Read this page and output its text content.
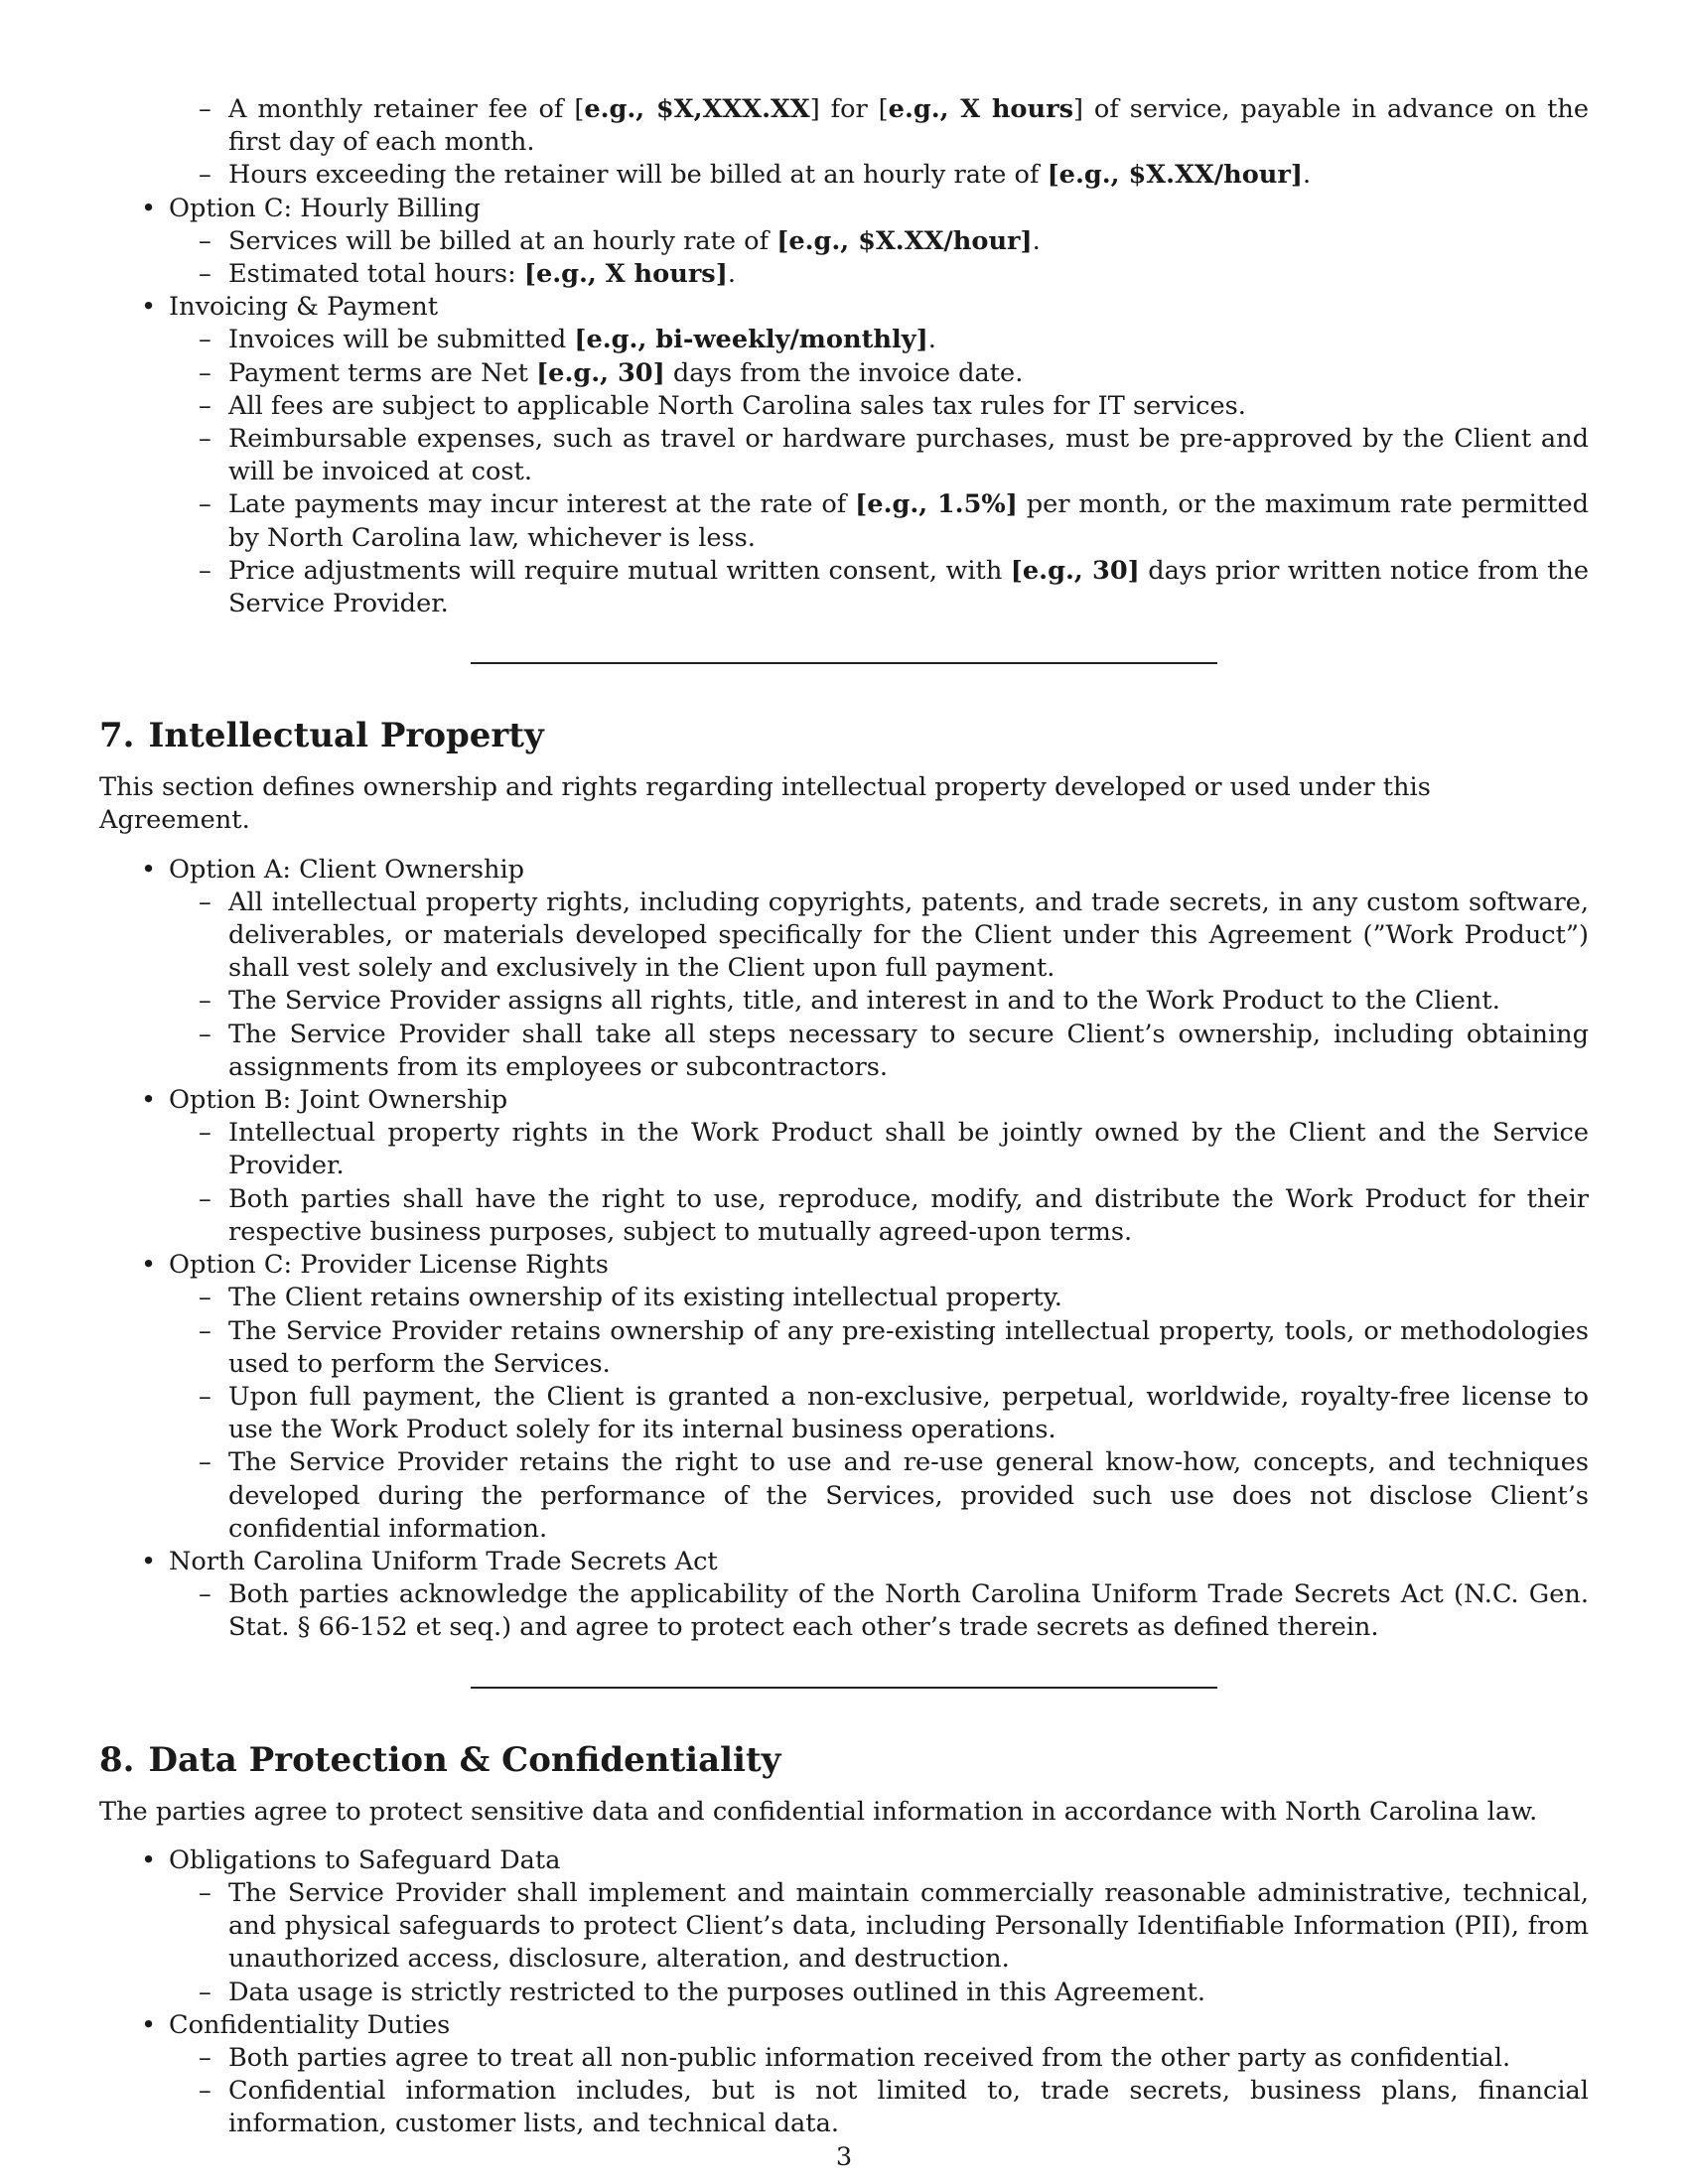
– A monthly retainer fee of [e.g., $X,XXX.XX] for [e.g., X hours] of service, payable in advance on the first day of each month.
– Hours exceeding the retainer will be billed at an hourly rate of [e.g., $X.XX/hour].
• Option C: Hourly Billing
– Services will be billed at an hourly rate of [e.g., $X.XX/hour].
– Estimated total hours: [e.g., X hours].
• Invoicing & Payment
– Invoices will be submitted [e.g., bi-weekly/monthly].
– Payment terms are Net [e.g., 30] days from the invoice date.
– All fees are subject to applicable North Carolina sales tax rules for IT services.
– Reimbursable expenses, such as travel or hardware purchases, must be pre-approved by the Client and will be invoiced at cost.
– Late payments may incur interest at the rate of [e.g., 1.5%] per month, or the maximum rate permitted by North Carolina law, whichever is less.
– Price adjustments will require mutual written consent, with [e.g., 30] days prior written notice from the Service Provider.
7. Intellectual Property
This section defines ownership and rights regarding intellectual property developed or used under this Agreement.
• Option A: Client Ownership
– All intellectual property rights, including copyrights, patents, and trade secrets, in any custom software, deliverables, or materials developed specifically for the Client under this Agreement (”Work Product”) shall vest solely and exclusively in the Client upon full payment.
– The Service Provider assigns all rights, title, and interest in and to the Work Product to the Client.
– The Service Provider shall take all steps necessary to secure Client’s ownership, including obtaining assignments from its employees or subcontractors.
• Option B: Joint Ownership
– Intellectual property rights in the Work Product shall be jointly owned by the Client and the Service Provider.
– Both parties shall have the right to use, reproduce, modify, and distribute the Work Product for their respective business purposes, subject to mutually agreed-upon terms.
• Option C: Provider License Rights
– The Client retains ownership of its existing intellectual property.
– The Service Provider retains ownership of any pre-existing intellectual property, tools, or methodologies used to perform the Services.
– Upon full payment, the Client is granted a non-exclusive, perpetual, worldwide, royalty-free license to use the Work Product solely for its internal business operations.
– The Service Provider retains the right to use and re-use general know-how, concepts, and techniques developed during the performance of the Services, provided such use does not disclose Client’s confidential information.
• North Carolina Uniform Trade Secrets Act
– Both parties acknowledge the applicability of the North Carolina Uniform Trade Secrets Act (N.C. Gen. Stat. § 66-152 et seq.) and agree to protect each other’s trade secrets as defined therein.
8. Data Protection & Confidentiality
The parties agree to protect sensitive data and confidential information in accordance with North Carolina law.
• Obligations to Safeguard Data
– The Service Provider shall implement and maintain commercially reasonable administrative, technical, and physical safeguards to protect Client’s data, including Personally Identifiable Information (PII), from unauthorized access, disclosure, alteration, and destruction.
– Data usage is strictly restricted to the purposes outlined in this Agreement.
• Confidentiality Duties
– Both parties agree to treat all non-public information received from the other party as confidential.
– Confidential information includes, but is not limited to, trade secrets, business plans, financial information, customer lists, and technical data.
3
